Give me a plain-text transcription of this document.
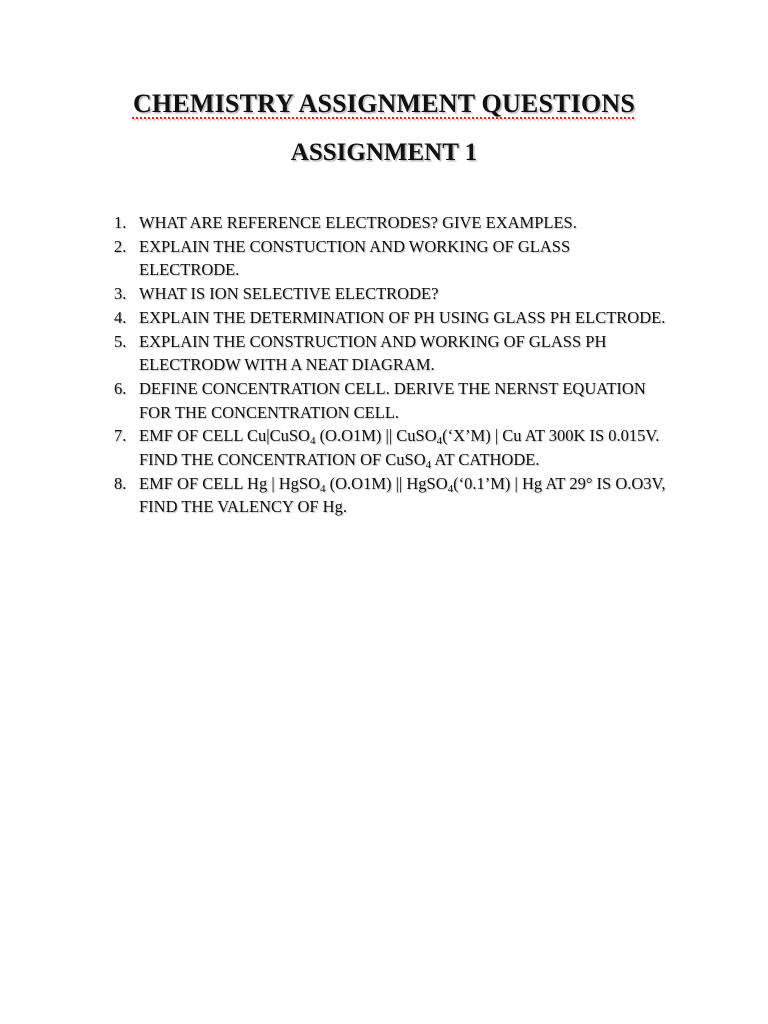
CHEMISTRY ASSIGNMENT QUESTIONS
ASSIGNMENT 1
1. WHAT ARE REFERENCE ELECTRODES? GIVE EXAMPLES.
2. EXPLAIN THE CONSTUCTION AND WORKING OF GLASS ELECTRODE.
3. WHAT IS ION SELECTIVE ELECTRODE?
4. EXPLAIN THE DETERMINATION OF PH USING GLASS PH ELCTRODE.
5. EXPLAIN THE CONSTRUCTION AND WORKING OF GLASS PH ELECTRODW WITH A NEAT DIAGRAM.
6. DEFINE CONCENTRATION CELL. DERIVE THE NERNST EQUATION FOR THE CONCENTRATION CELL.
7. EMF OF CELL Cu|CuSO$_4$ (O.O1M) || CuSO$_4$(‘X’M) | Cu AT 300K IS 0.015V. FIND THE CONCENTRATION OF CuSO$_4$ AT CATHODE.
8. EMF OF CELL Hg | HgSO$_4$ (O.O1M) || HgSO$_4$(‘0.1’M) | Hg AT 29° IS O.O3V, FIND THE VALENCY OF Hg.
